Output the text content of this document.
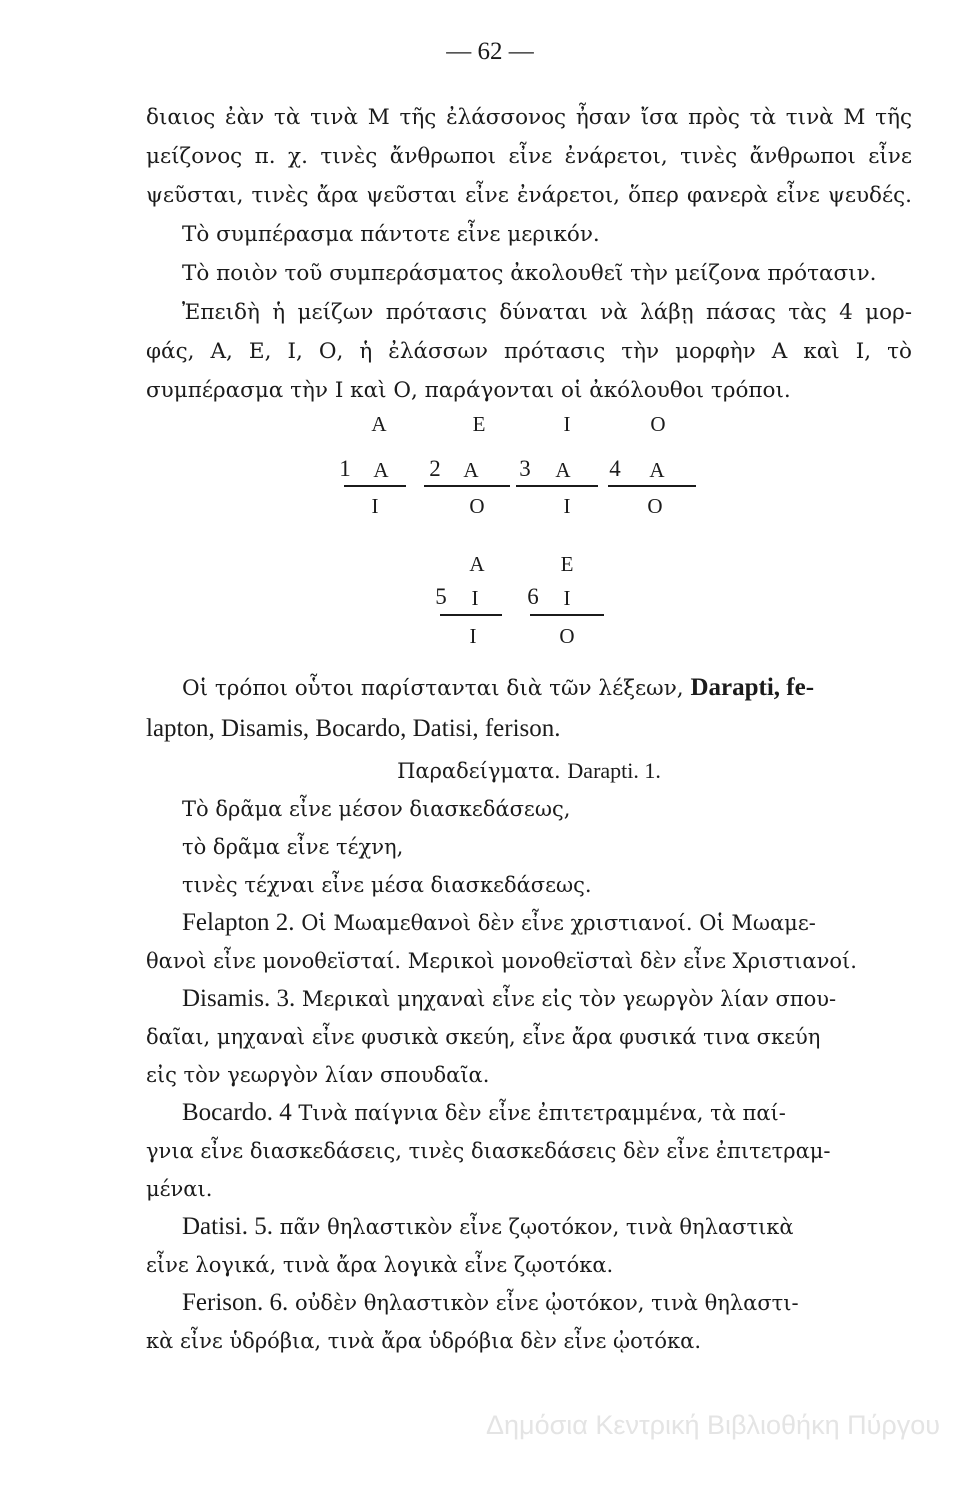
— 62 —
διαιος ἐὰν τὰ τινὰ Μ τῆς ἐλάσσονος ἦσαν ἴσα πρὸς τὰ τινὰ Μ τῆς
μείζονος π. χ. τινὲς ἄνθρωποι εἶνε ἐνάρετοι, τινὲς ἄνθρωποι εἶνε
ψεῦσται, τινὲς ἄρα ψεῦσται εἶνε ἐνάρετοι, ὅπερ φανερὰ εἶνε ψευδές.
Τὸ συμπέρασμα πάντοτε εἶνε μερικόν.
Τὸ ποιὸν τοῦ συμπεράσματος ἀκολουθεῖ τὴν μείζονα πρότασιν.
Ἐπειδὴ ἡ μείζων πρότασις δύναται νὰ λάβῃ πάσας τὰς 4 μορ-
φάς, Α, Ε, Ι, Ο, ἡ ἐλάσσων πρότασις τὴν μορφὴν Α καὶ Ι, τὸ
συμπέρασμα τὴν Ι καὶ Ο, παράγονται οἱ ἀκόλουθοι τρόποι.
Α	Ε	Ι	Ο
1	Α	2	Α	3	Α	4	Α
Ι	Ο	Ι	Ο
Α	Ε
5	Ι	6	Ι
Ι	Ο
Οἱ τρόποι οὗτοι παρίστανται διὰ τῶν λέξεων, Darapti, fe-
lapton, Disamis, Bocardo, Datisi, ferison.
Παραδείγματα. Darapti. 1.
Τὸ δρᾶμα εἶνε μέσον διασκεδάσεως,
τὸ δρᾶμα εἶνε τέχνη,
τινὲς τέχναι εἶνε μέσα διασκεδάσεως.
Felapton 2. Οἱ Μωαμεθανοὶ δὲν εἶνε χριστιανοί. Οἱ Μωαμε-
θανοὶ εἶνε μονοθεϊσταί. Μερικοὶ μονοθεϊσταὶ δὲν εἶνε Χριστιανοί.
Disamis. 3. Μερικαὶ μηχαναὶ εἶνε εἰς τὸν γεωργὸν λίαν σπου-
δαῖαι, μηχαναὶ εἶνε φυσικὰ σκεύη, εἶνε ἄρα φυσικά τινα σκεύη
εἰς τὸν γεωργὸν λίαν σπουδαῖα.
Bocardo. 4 Τινὰ παίγνια δὲν εἶνε ἐπιτετραμμένα, τὰ παί-
γνια εἶνε διασκεδάσεις, τινὲς διασκεδάσεις δὲν εἶνε ἐπιτετραμ-
μέναι.
Datisi. 5. πᾶν θηλαστικὸν εἶνε ζῳοτόκον, τινὰ θηλαστικὰ
εἶνε λογικά, τινὰ ἄρα λογικὰ εἶνε ζῳοτόκα.
Ferison. 6. οὐδὲν θηλαστικὸν εἶνε ᾠοτόκον, τινὰ θηλαστι-
κὰ εἶνε ὑδρόβια, τινὰ ἄρα ὑδρόβια δὲν εἶνε ᾠοτόκα.
Δημόσια Κεντρική Βιβλιοθήκη Πύργου
